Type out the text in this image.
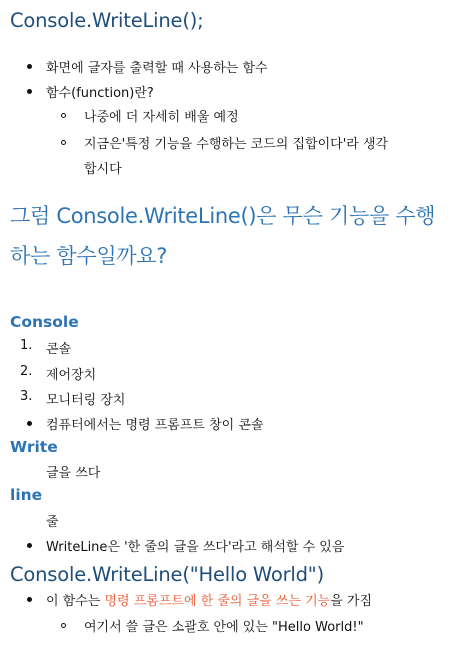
Console.WriteLine();
화면에 글자를 출력할 때 사용하는 함수
함수(function)란?
나중에 더 자세히 배울 예정
지금은'특정 기능을 수행하는 코드의 집합이다'라 생각
합시다
그럼 Console.WriteLine()은 무슨 기능을 수행
하는 함수일까요?
Console
1. 콘솔
2. 제어장치
3. 모니터링 장치
컴퓨터에서는 명령 프롬프트 창이 콘솔
Write
글을 쓰다
line
줄
WriteLine은 '한 줄의 글을 쓰다'라고 해석할 수 있음
Console.WriteLine("Hello World")
이 함수는 명령 프롬프트에 한 줄의 글을 쓰는 기능을 가짐
여기서 쓸 글은 소괄호 안에 있는 "Hello World!"
